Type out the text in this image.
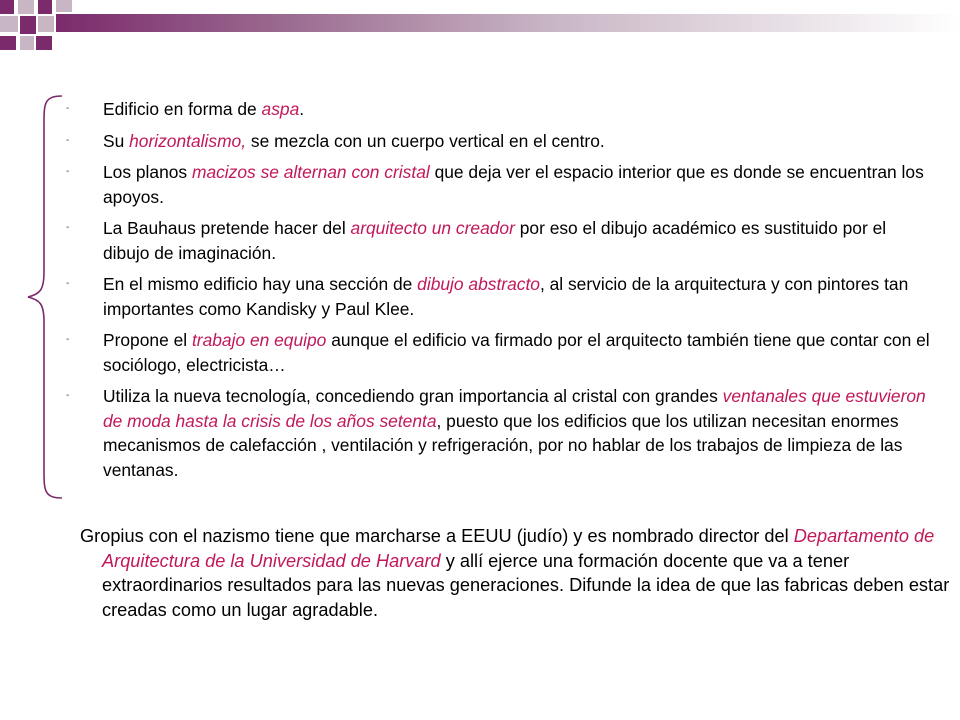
-	Edificio en forma de aspa.
-	Su horizontalismo, se mezcla con un cuerpo vertical en el centro.
-	Los planos macizos se alternan con cristal que deja ver el espacio interior que es donde se encuentran los apoyos.
-	La Bauhaus pretende hacer del arquitecto un creador por eso el dibujo académico es sustituido por el dibujo de imaginación.
-	En el mismo edificio hay una sección de dibujo abstracto, al servicio de la arquitectura y con pintores tan importantes como Kandisky y Paul Klee.
-	Propone el trabajo en equipo aunque el edificio va firmado por el arquitecto también tiene que contar con el sociólogo, electricista…
-	Utiliza la nueva tecnología, concediendo gran importancia al cristal con grandes ventanales que estuvieron de moda hasta la crisis de los años setenta, puesto que los edificios que los utilizan necesitan enormes mecanismos de calefacción , ventilación y refrigeración, por no hablar de los trabajos de limpieza de las ventanas.

Gropius con el nazismo tiene que marcharse a EEUU (judío) y es nombrado director del Departamento de Arquitectura de la Universidad de Harvard y allí ejerce una formación docente que va a tener extraordinarios resultados para las nuevas generaciones. Difunde la idea de que las fabricas deben estar creadas como un lugar agradable.
